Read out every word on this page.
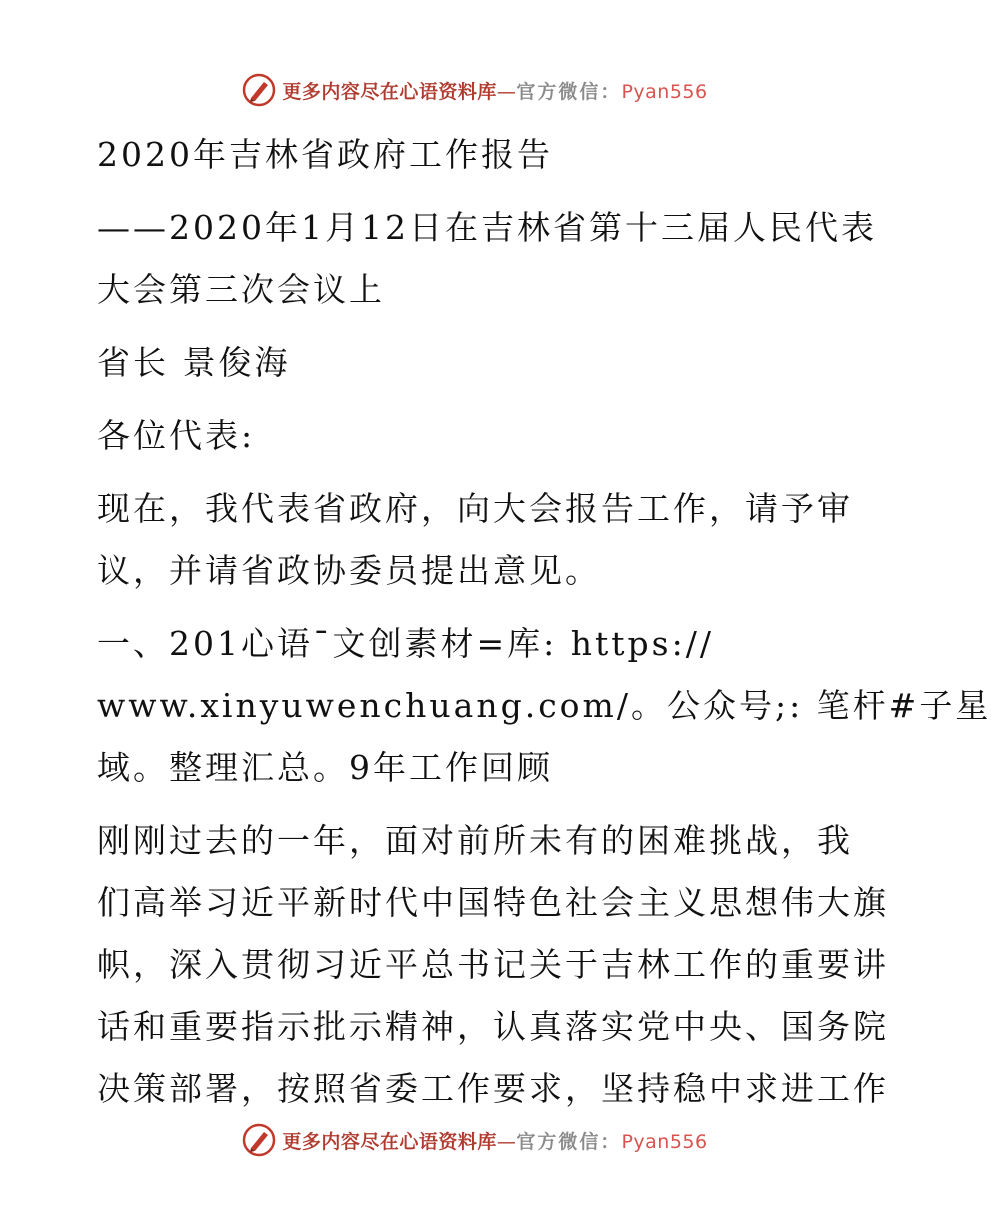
更多内容尽在心语资料库—官方微信：Pyan556
2020年吉林省政府工作报告
——2020年1月12日在吉林省第十三届人民代表
大会第三次会议上
省长 景俊海
各位代表:
现在，我代表省政府，向大会报告工作，请予审
议，并请省政协委员提出意见。
一、201心语¯文创素材=库: https://
www.xinyuwenchuang.com/。公众号;: 笔杆#子星
域。整理汇总。9年工作回顾
刚刚过去的一年，面对前所未有的困难挑战，我
们高举习近平新时代中国特色社会主义思想伟大旗
帜，深入贯彻习近平总书记关于吉林工作的重要讲
话和重要指示批示精神，认真落实党中央、国务院
决策部署，按照省委工作要求，坚持稳中求进工作
更多内容尽在心语资料库—官方微信：Pyan556
